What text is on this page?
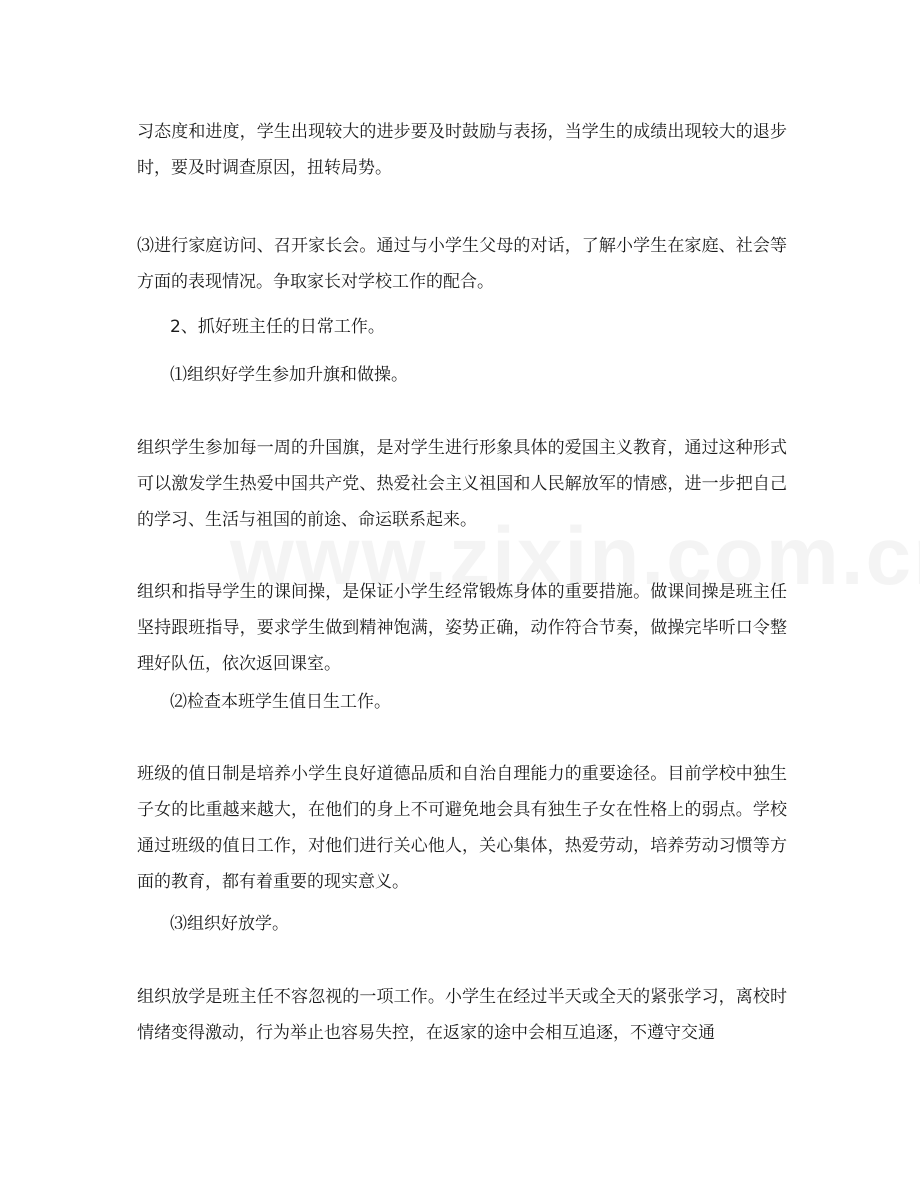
习态度和进度，学生出现较大的进步要及时鼓励与表扬，当学生的成绩出现较大的退步时，要及时调查原因，扭转局势。

⑶进行家庭访问、召开家长会。通过与小学生父母的对话，了解小学生在家庭、社会等方面的表现情况。争取家长对学校工作的配合。

2、抓好班主任的日常工作。

⑴组织好学生参加升旗和做操。

组织学生参加每一周的升国旗，是对学生进行形象具体的爱国主义教育，通过这种形式可以激发学生热爱中国共产党、热爱社会主义祖国和人民解放军的情感，进一步把自己的学习、生活与祖国的前途、命运联系起来。

组织和指导学生的课间操，是保证小学生经常锻炼身体的重要措施。做课间操是班主任坚持跟班指导，要求学生做到精神饱满，姿势正确，动作符合节奏，做操完毕听口令整理好队伍，依次返回课室。

⑵检查本班学生值日生工作。

班级的值日制是培养小学生良好道德品质和自治自理能力的重要途径。目前学校中独生子女的比重越来越大，在他们的身上不可避免地会具有独生子女在性格上的弱点。学校通过班级的值日工作，对他们进行关心他人，关心集体，热爱劳动，培养劳动习惯等方面的教育，都有着重要的现实意义。

⑶组织好放学。

组织放学是班主任不容忽视的一项工作。小学生在经过半天或全天的紧张学习，离校时情绪变得激动，行为举止也容易失控，在返家的途中会相互追逐，不遵守交通
